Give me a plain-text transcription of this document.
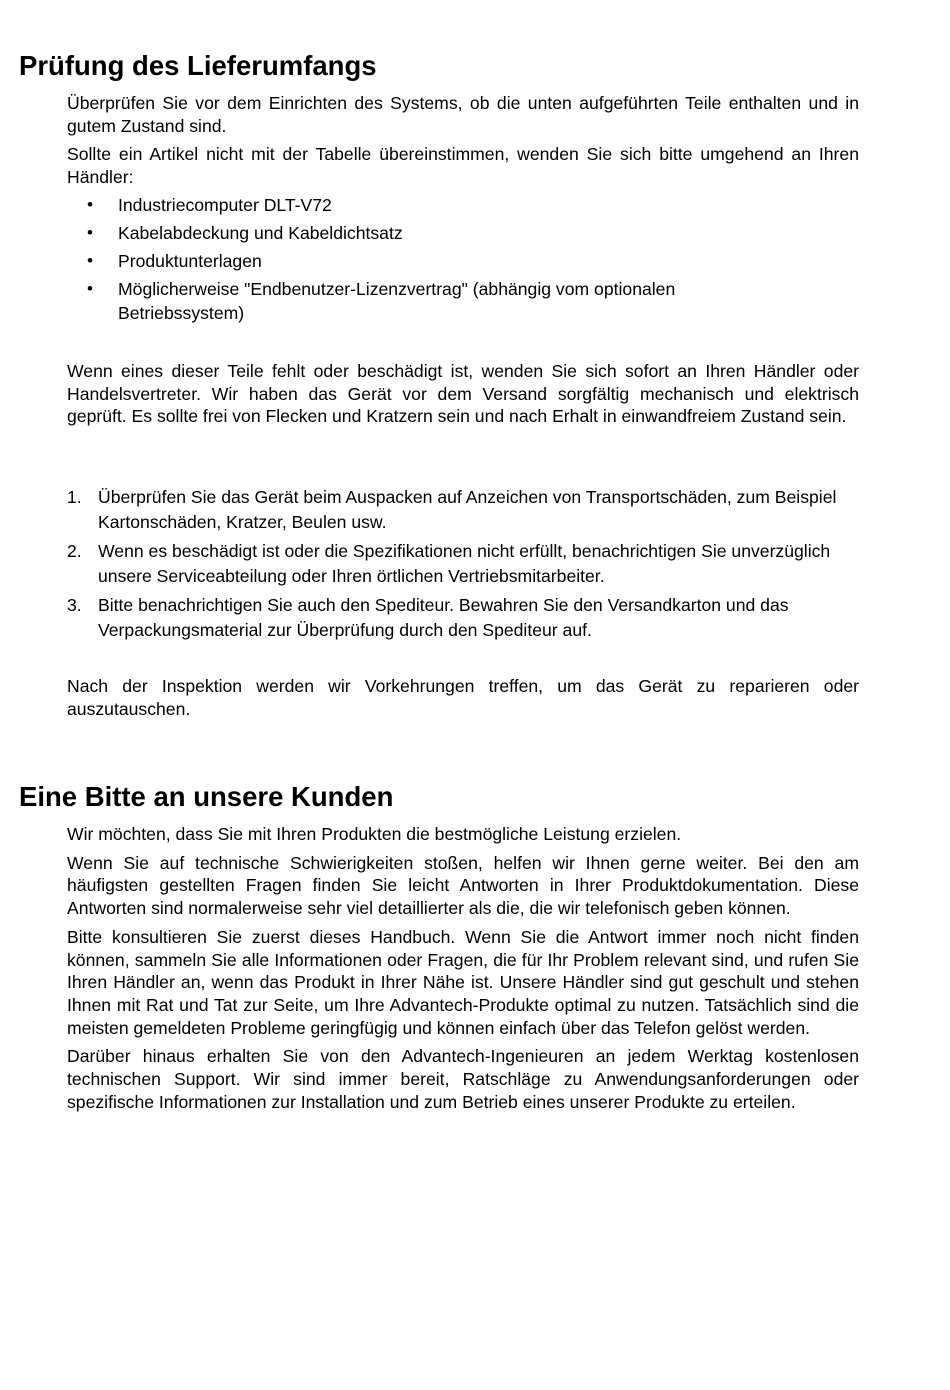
Prüfung des Lieferumfangs

Überprüfen Sie vor dem Einrichten des Systems, ob die unten aufgeführten Teile enthalten und in gutem Zustand sind.

Sollte ein Artikel nicht mit der Tabelle übereinstimmen, wenden Sie sich bitte umgehend an Ihren Händler:

• Industriecomputer DLT-V72
• Kabelabdeckung und Kabeldichtsatz
• Produktunterlagen
• Möglicherweise "Endbenutzer-Lizenzvertrag" (abhängig vom optionalen Betriebssystem)

Wenn eines dieser Teile fehlt oder beschädigt ist, wenden Sie sich sofort an Ihren Händler oder Handelsvertreter. Wir haben das Gerät vor dem Versand sorgfältig mechanisch und elektrisch geprüft. Es sollte frei von Flecken und Kratzern sein und nach Erhalt in einwandfreiem Zustand sein.

1. Überprüfen Sie das Gerät beim Auspacken auf Anzeichen von Transportschäden, zum Beispiel Kartonschäden, Kratzer, Beulen usw.
2. Wenn es beschädigt ist oder die Spezifikationen nicht erfüllt, benachrichtigen Sie unverzüglich unsere Serviceabteilung oder Ihren örtlichen Vertriebsmitarbeiter.
3. Bitte benachrichtigen Sie auch den Spediteur. Bewahren Sie den Versandkarton und das Verpackungsmaterial zur Überprüfung durch den Spediteur auf.

Nach der Inspektion werden wir Vorkehrungen treffen, um das Gerät zu reparieren oder auszutauschen.

Eine Bitte an unsere Kunden

Wir möchten, dass Sie mit Ihren Produkten die bestmögliche Leistung erzielen.

Wenn Sie auf technische Schwierigkeiten stoßen, helfen wir Ihnen gerne weiter. Bei den am häufigsten gestellten Fragen finden Sie leicht Antworten in Ihrer Produktdokumentation. Diese Antworten sind normalerweise sehr viel detaillierter als die, die wir telefonisch geben können.

Bitte konsultieren Sie zuerst dieses Handbuch. Wenn Sie die Antwort immer noch nicht finden können, sammeln Sie alle Informationen oder Fragen, die für Ihr Problem relevant sind, und rufen Sie Ihren Händler an, wenn das Produkt in Ihrer Nähe ist. Unsere Händler sind gut geschult und stehen Ihnen mit Rat und Tat zur Seite, um Ihre Advantech-Produkte optimal zu nutzen. Tatsächlich sind die meisten gemeldeten Probleme geringfügig und können einfach über das Telefon gelöst werden.

Darüber hinaus erhalten Sie von den Advantech-Ingenieuren an jedem Werktag kostenlosen technischen Support. Wir sind immer bereit, Ratschläge zu Anwendungsanforderungen oder spezifische Informationen zur Installation und zum Betrieb eines unserer Produkte zu erteilen.
